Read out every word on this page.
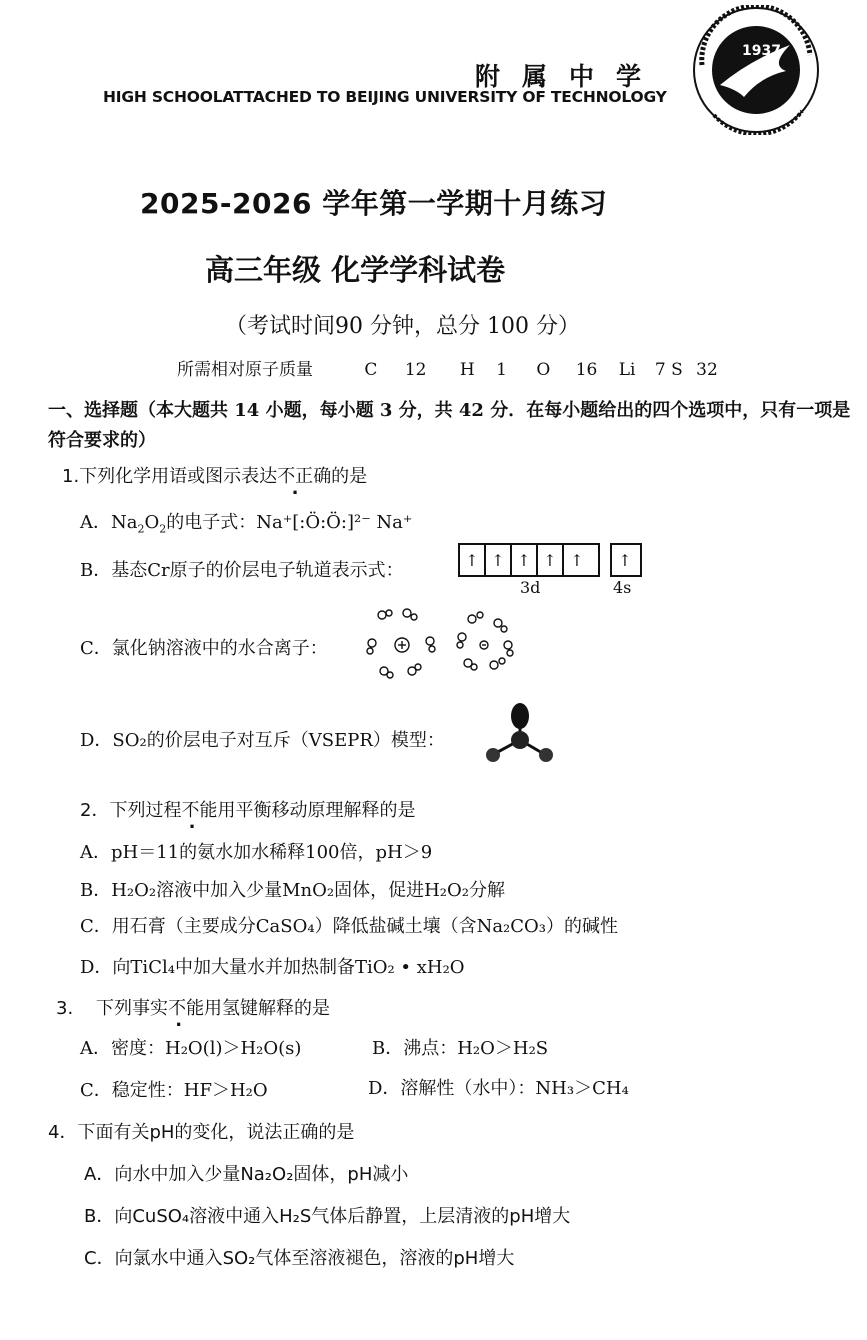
附属中学
HIGH SCHOOLATTACHED TO BEIJING UNIVERSITY OF TECHNOLOGY
1937
2025-2026 学年第一学期十月练习
高三年级 化学学科试卷
（考试时间90 分钟，总分 100 分）
所需相对原子质量	C 12 H 1 O 16 Li 7 S 32
一、选择题（本大题共 14 小题，每小题 3 分，共 42 分．在每小题给出的四个选项中，只有一项是符合要求的）
1.下列化学用语或图示表达不正确的是
A．$Na_2O_2$的电子式：Na⁺[:Ö:Ö:]²⁻ Na⁺
B．基态Cr原子的价层电子轨道表示式：	↑ ↑ ↑ ↑ ↑	↑
3d	4s
C．氯化钠溶液中的水合离子：
D．SO₂的价层电子对互斥（VSEPR）模型：
2．下列过程不能用平衡移动原理解释的是
A．pH＝11的氨水加水稀释100倍，pH＞9
B．H₂O₂溶液中加入少量MnO₂固体，促进H₂O₂分解
C．用石膏（主要成分CaSO₄）降低盐碱土壤（含Na₂CO₃）的碱性
D．向TiCl₄中加大量水并加热制备TiO₂ • xH₂O
3.    下列事实不能用氢键解释的是
A．密度：H₂O(l)＞H₂O(s)	B．沸点：H₂O＞H₂S
C．稳定性：HF＞H₂O	D．溶解性（水中）：NH₃＞CH₄
4．下面有关pH的变化，说法正确的是
A．向水中加入少量Na₂O₂固体，pH减小
B．向CuSO₄溶液中通入H₂S气体后静置，上层清液的pH增大
C．向氯水中通入SO₂气体至溶液褪色，溶液的pH增大
